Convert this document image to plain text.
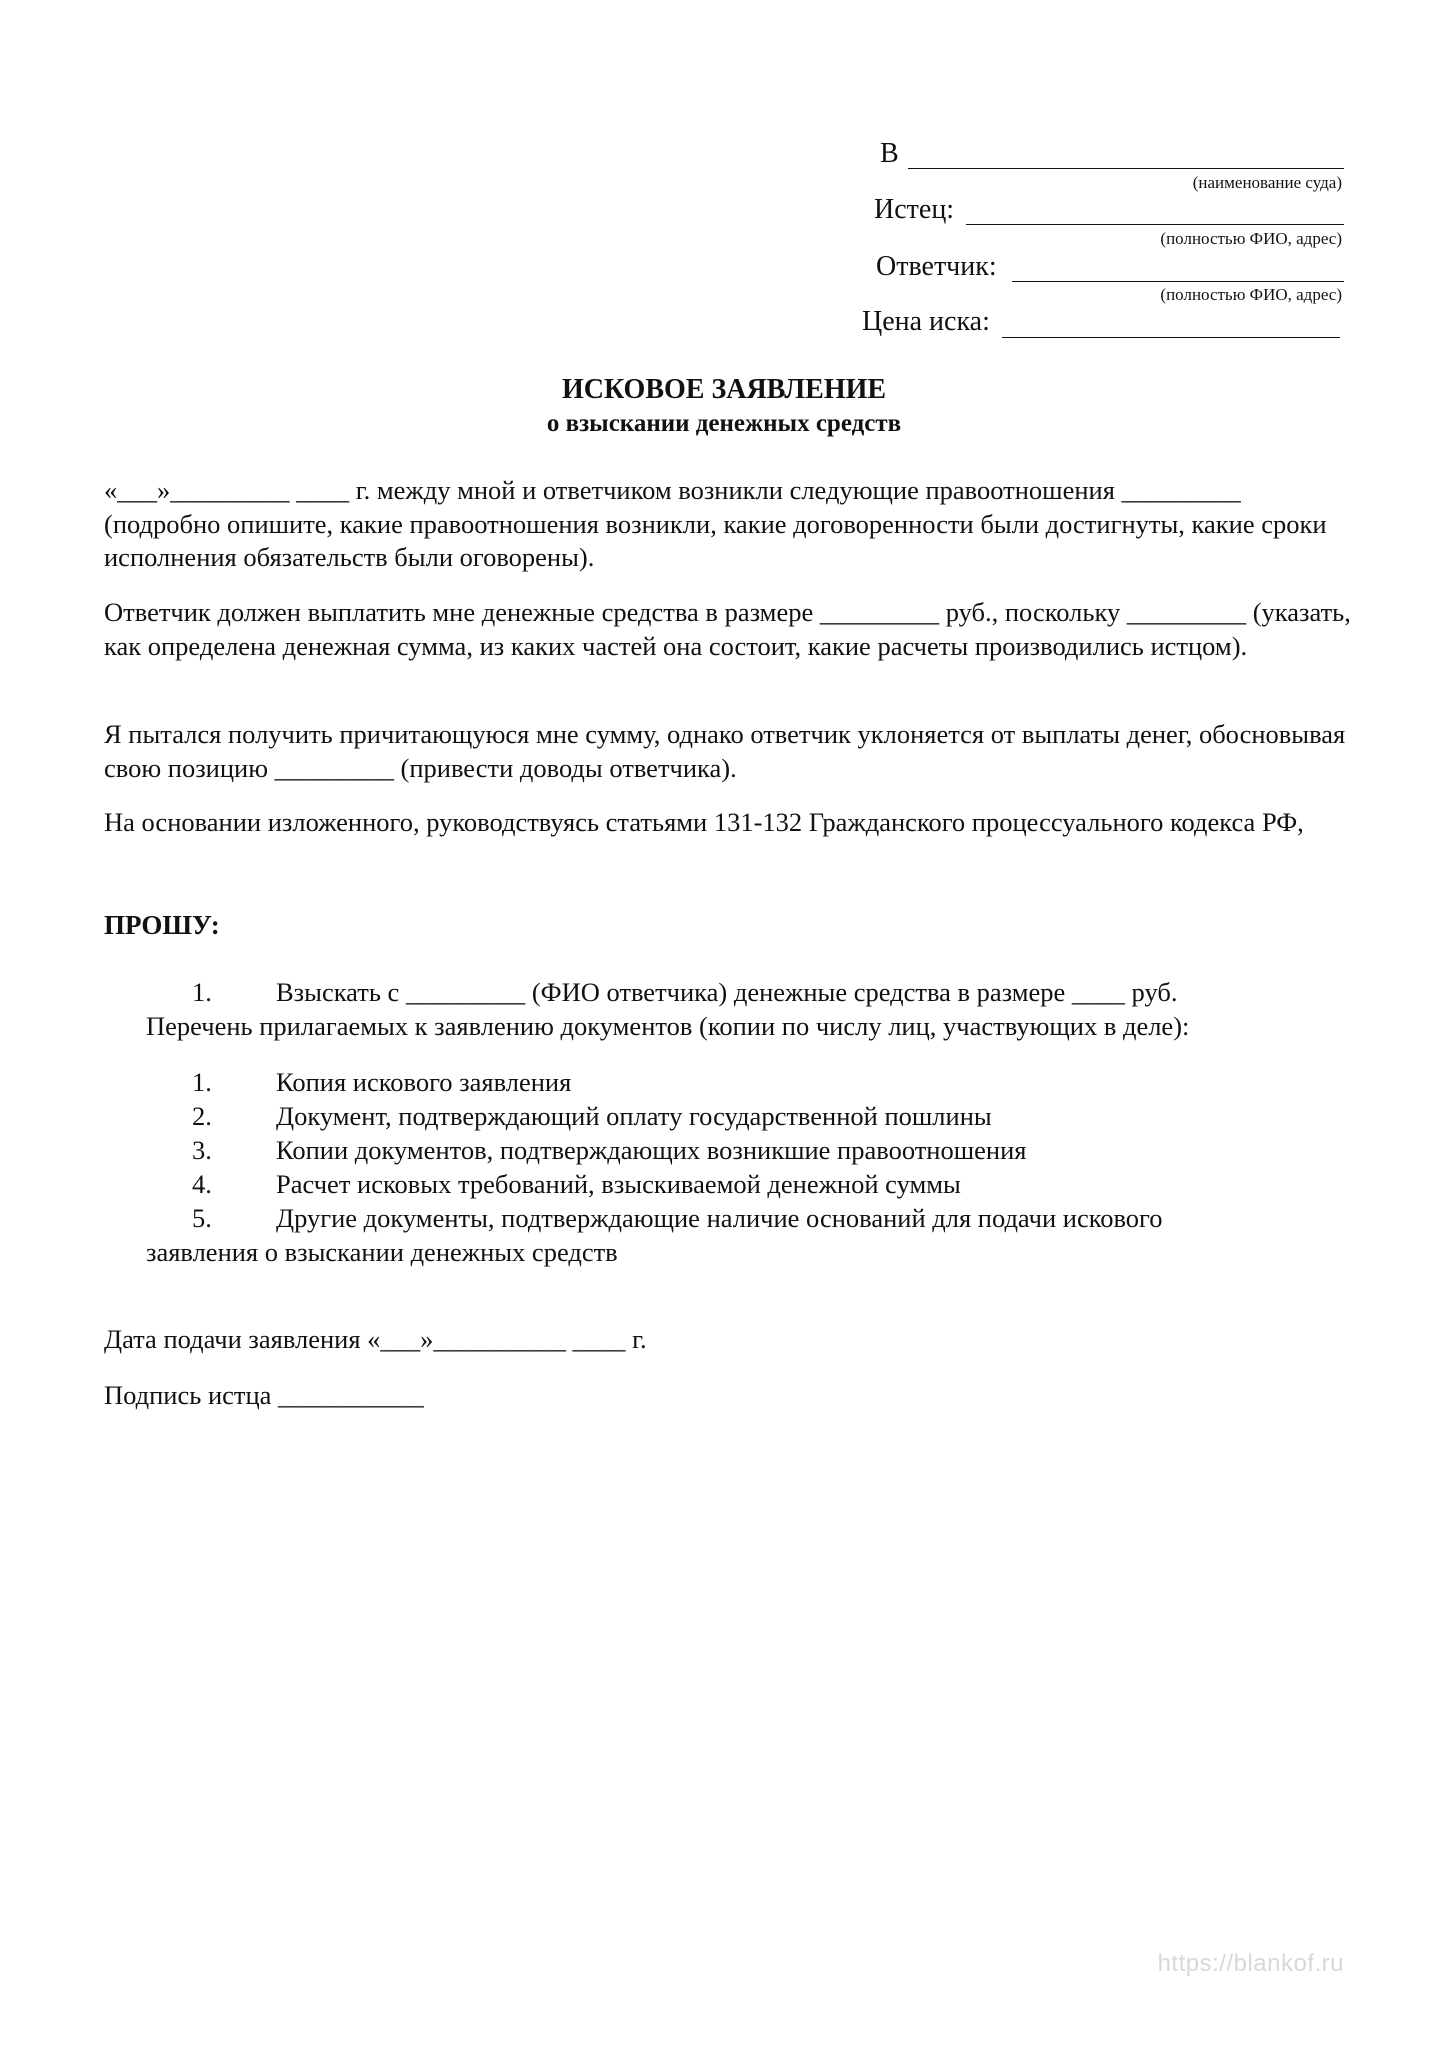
В
(наименование суда)
Истец:
(полностью ФИО, адрес)
Ответчик:
(полностью ФИО, адрес)
Цена иска:
ИСКОВОЕ ЗАЯВЛЕНИЕ
о взыскании денежных средств

«___»_________ ____ г. между мной и ответчиком возникли следующие правоотношения _________ (подробно опишите, какие правоотношения возникли, какие договоренности были достигнуты, какие сроки исполнения обязательств были оговорены).

Ответчик должен выплатить мне денежные средства в размере _________ руб., поскольку _________ (указать, как определена денежная сумма, из каких частей она состоит, какие расчеты производились истцом).

Я пытался получить причитающуюся мне сумму, однако ответчик уклоняется от выплаты денег, обосновывая свою позицию _________ (привести доводы ответчика).

На основании изложенного, руководствуясь статьями 131-132 Гражданского процессуального кодекса РФ,

ПРОШУ:
1. Взыскать с _________ (ФИО ответчика) денежные средства в размере ____ руб.
Перечень прилагаемых к заявлению документов (копии по числу лиц, участвующих в деле):
1. Копия искового заявления
2. Документ, подтверждающий оплату государственной пошлины
3. Копии документов, подтверждающих возникшие правоотношения
4. Расчет исковых требований, взыскиваемой денежной суммы
5. Другие документы, подтверждающие наличие оснований для подачи искового
заявления о взыскании денежных средств
Дата подачи заявления «___»__________ ____ г.
Подпись истца ___________
https://blankof.ru
